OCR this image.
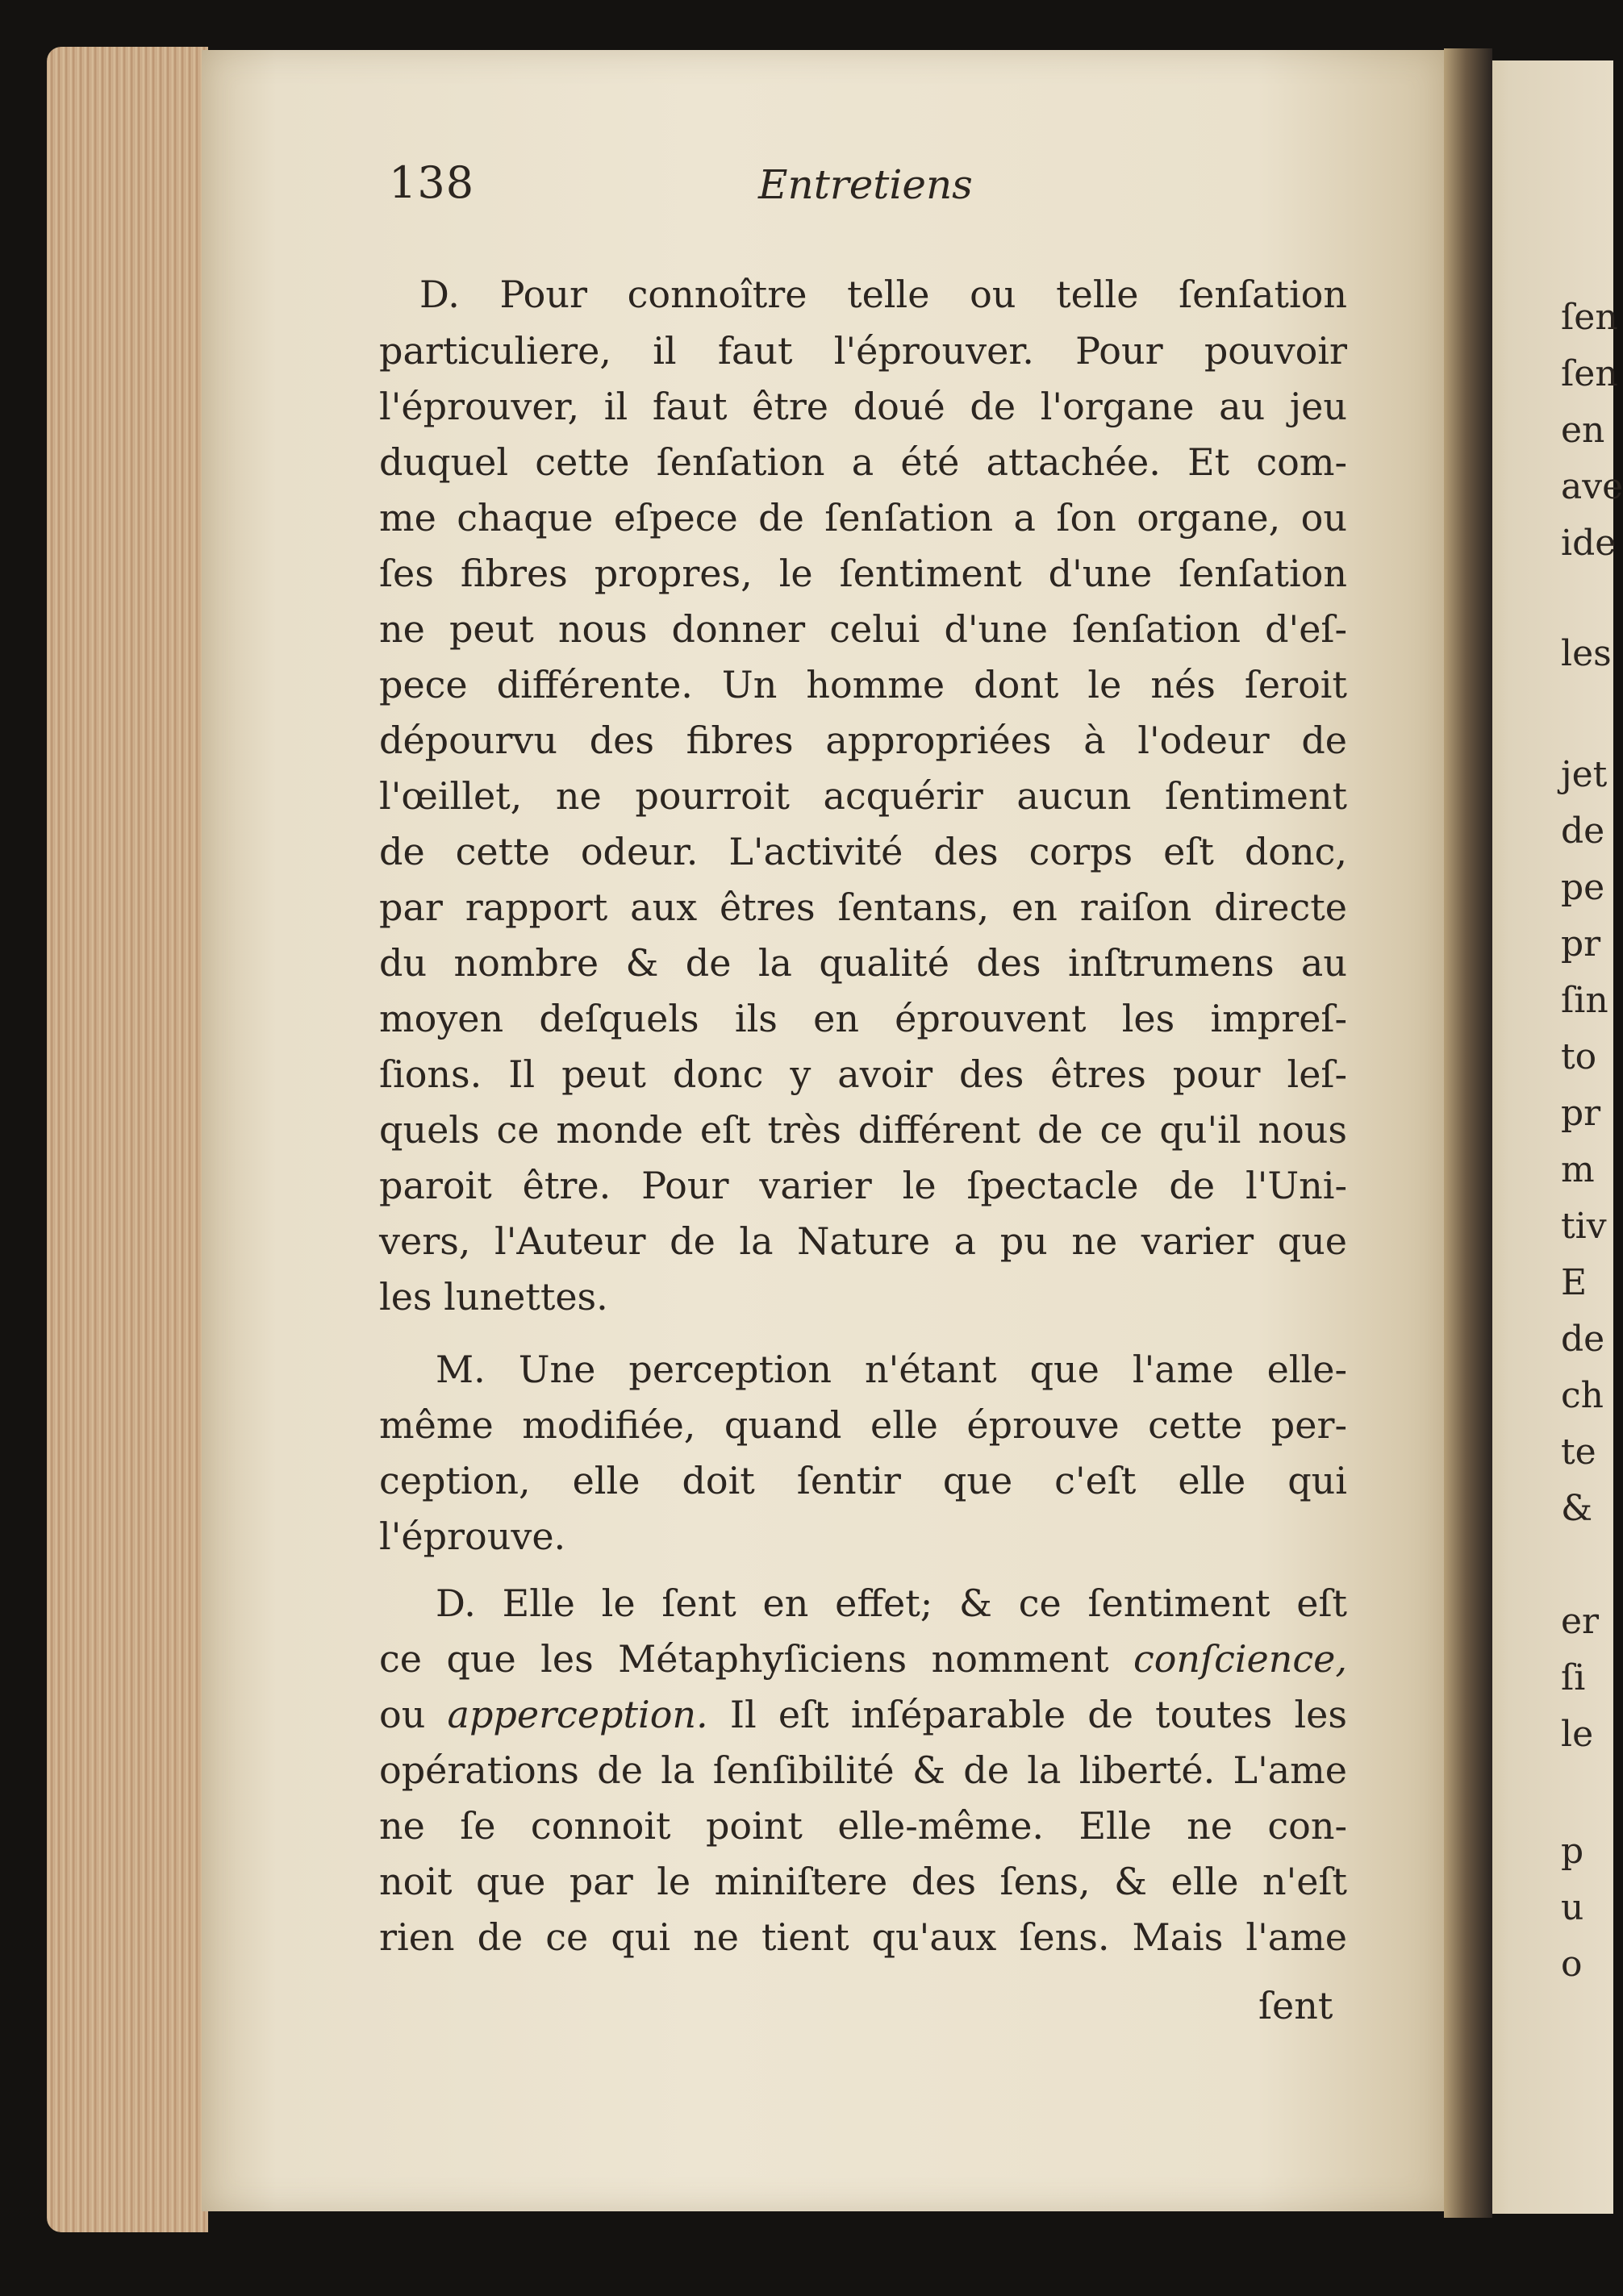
138	Entretiens
D. Pour connoître telle ou telle ſenſation
particuliere, il faut l'éprouver. Pour pouvoir
l'éprouver, il faut être doué de l'organe au jeu
duquel cette ſenſation a été attachée. Et com-
me chaque eſpece de ſenſation a ſon organe, ou
ſes fibres propres, le ſentiment d'une ſenſation
ne peut nous donner celui d'une ſenſation d'eſ-
pece différente. Un homme dont le nés ſeroit
dépourvu des fibres appropriées à l'odeur de
l'œillet, ne pourroit acquérir aucun ſentiment
de cette odeur. L'activité des corps eſt donc,
par rapport aux êtres ſentans, en raiſon directe
du nombre & de la qualité des inſtrumens au
moyen deſquels ils en éprouvent les impreſ-
ſions. Il peut donc y avoir des êtres pour leſ-
quels ce monde eſt très différent de ce qu'il nous
paroit être. Pour varier le ſpectacle de l'Uni-
vers, l'Auteur de la Nature a pu ne varier que
les lunettes.
M. Une perception n'étant que l'ame elle-
même modifiée, quand elle éprouve cette per-
ception, elle doit ſentir que c'eſt elle qui
l'éprouve.
D. Elle le ſent en effet; & ce ſentiment eſt
ce que les Métaphyſiciens nomment conſcience,
ou apperception. Il eſt inſéparable de toutes les
opérations de la ſenſibilité & de la liberté. L'ame
ne ſe connoit point elle-même. Elle ne con-
noit que par le miniſtere des ſens, & elle n'eſt
rien de ce qui ne tient qu'aux ſens. Mais l'ame
ſent
ſen
ſen
en
ave
ide
les
jet
de
pe
pr
ſin
to
pr
m
tiv
E
de
ch
te
&
er
ſi
le
p
u
o
